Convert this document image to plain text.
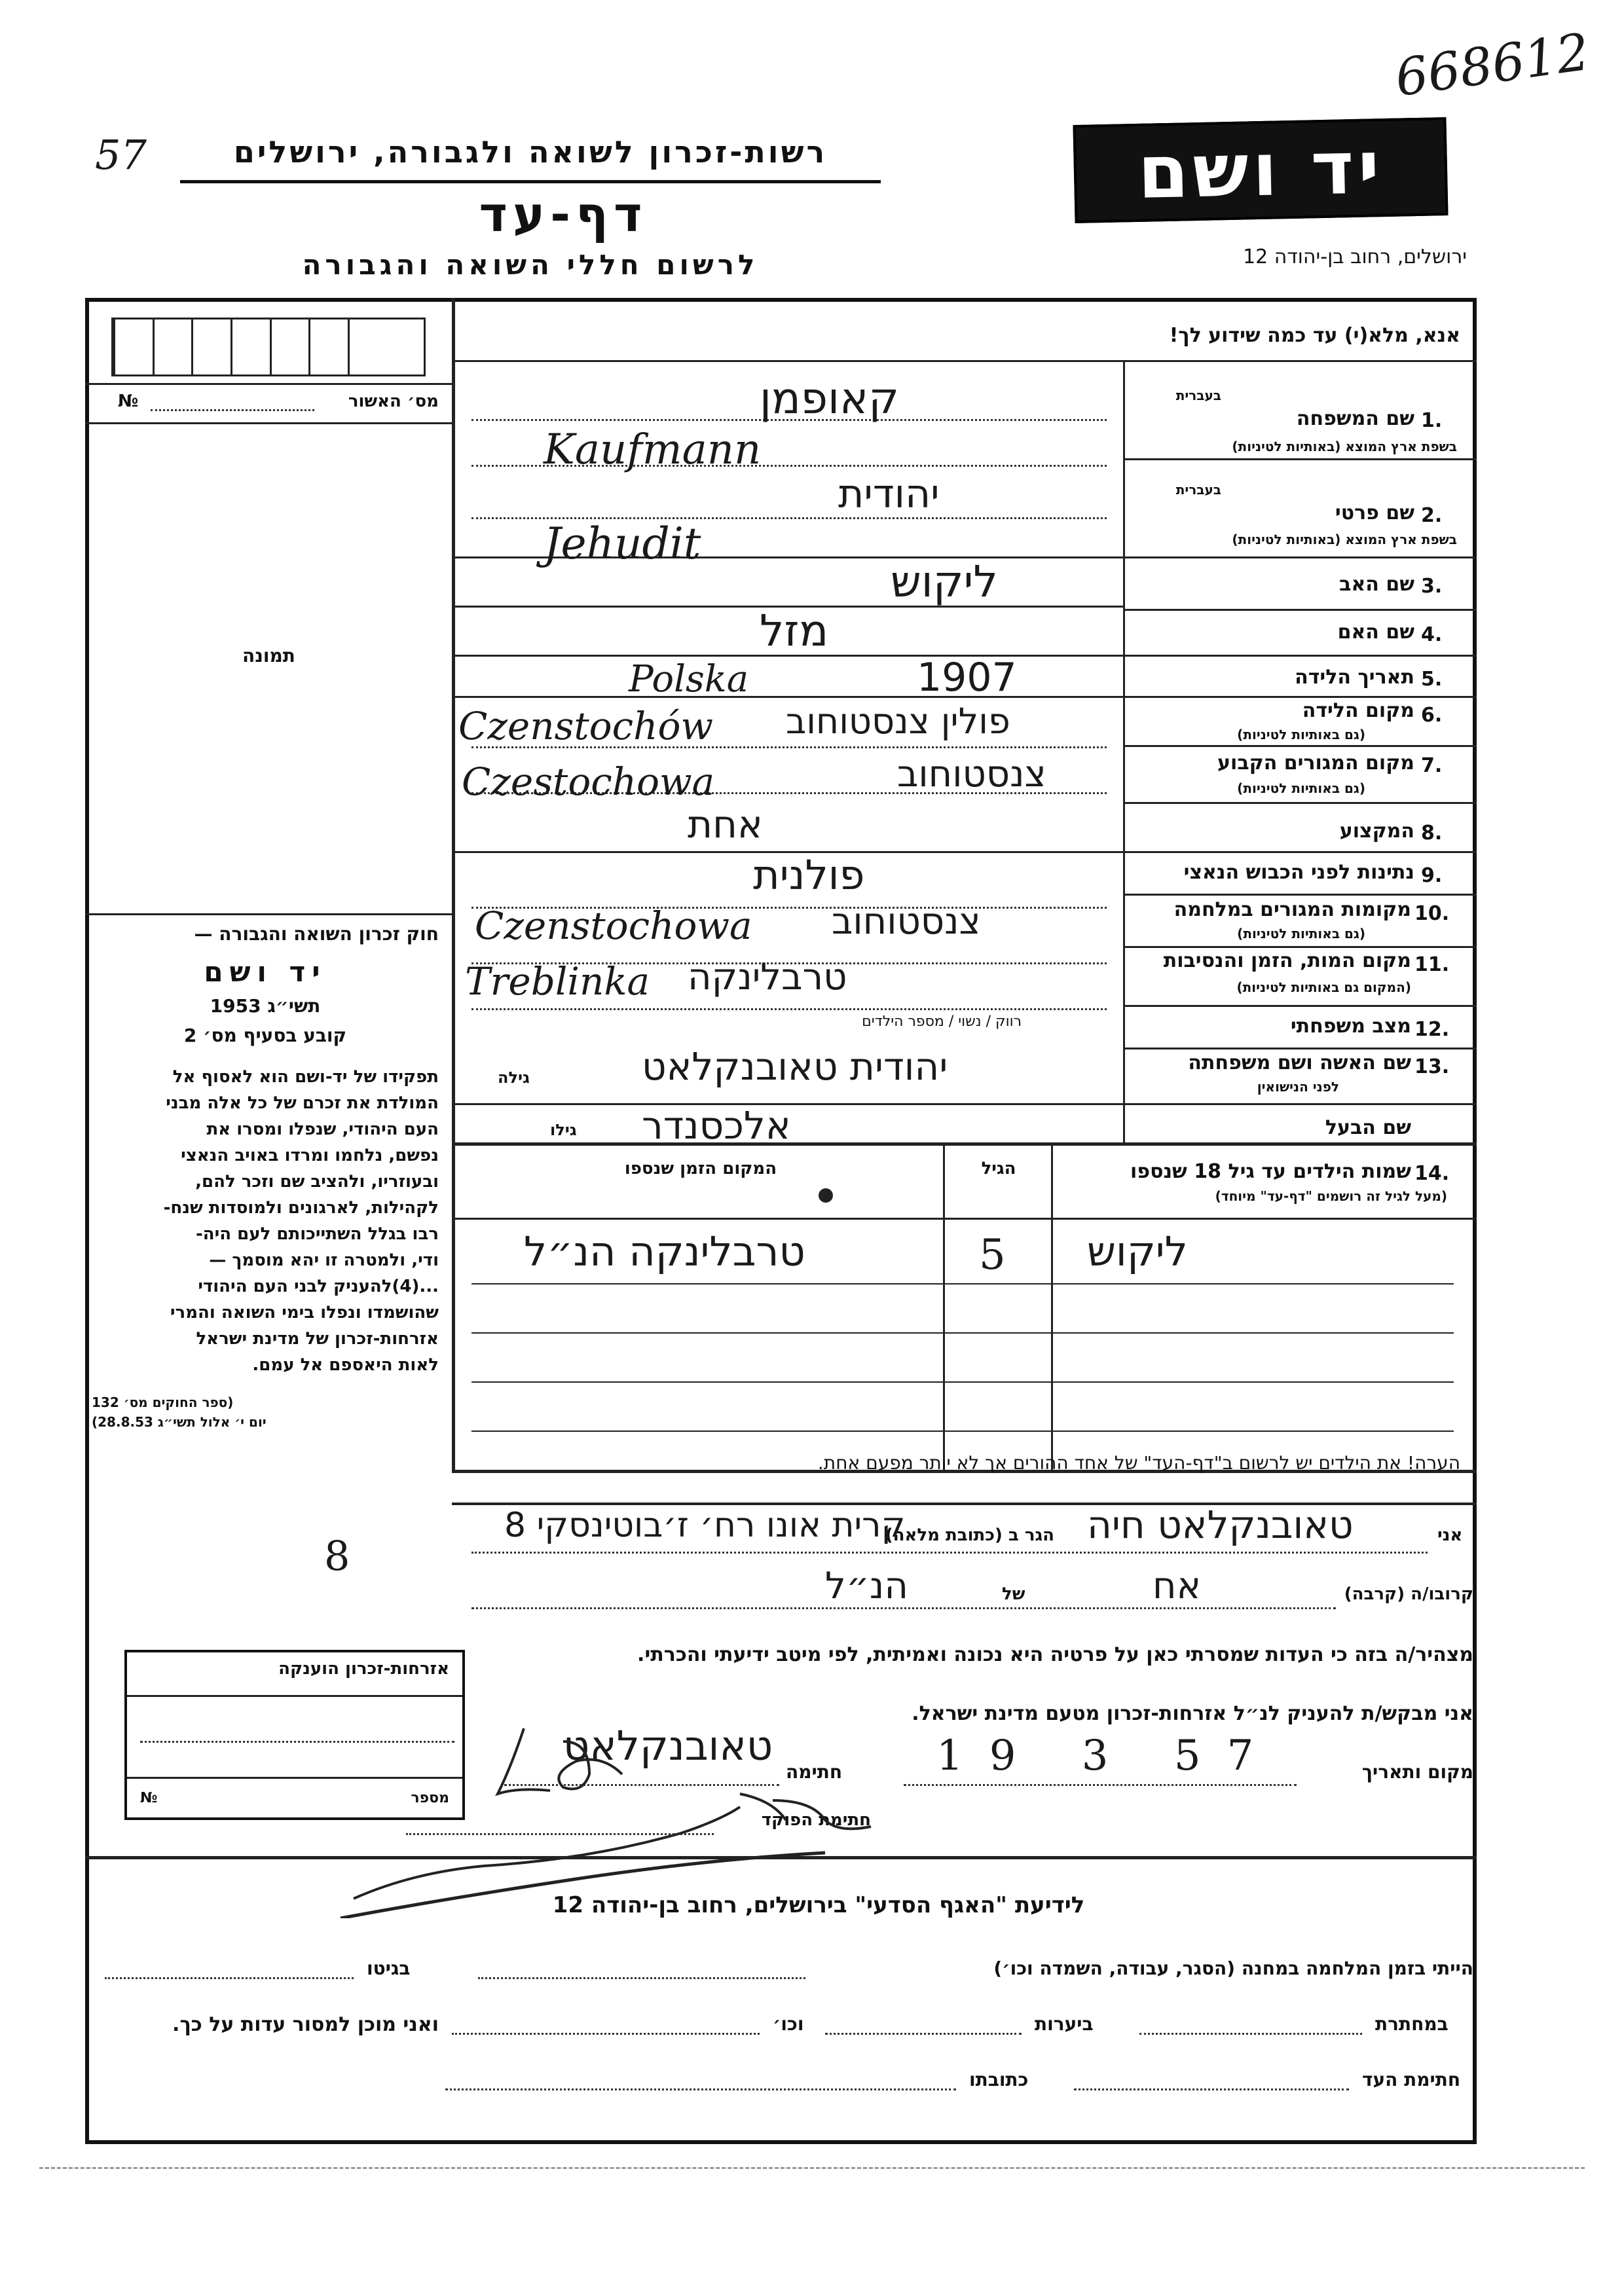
668612
57	רשות-זכרון לשואה ולגבורה, ירושלים
דף-עד
לרשום חללי השואה והגבורה
יד ושם
ירושלים, רחוב בן-יהודה 12
אנא, מלא(י) עד כמה שידוע לך!
מס׳ האשור
№
תמונה
1.
שם המשפחה
בעברית
בשפת ארץ המוצא (באותיות לטיניות)
קאופמן
Kaufmann
2.
שם פרטי
בעברית
בשפת ארץ המוצא (באותיות לטיניות)
יהודית
Jehudit
3.
שם האב
ליקוש
4.
שם האם
מזל
5.
תאריך הלידה
1907
Polska
6.
מקום הלידה
(גם באותיות לטיניות)
פולין צנסטוחוב
Czenstochów
7.
מקום המגורים הקבוע
(גם באותיות לטיניות)
צנסטוחוב
Czestochowa
8.
המקצוע
אחת
9.
נתינות לפני הכבוש הנאצי
פולנית
10.
מקומות המגורים במלחמה
(גם באותיות לטיניות)
צנסטוחוב
Czenstochowa
11.
מקום המות, הזמן והנסיבות
(המקום גם באותיות לטיניות)
טרבלינקה
Treblinka
12.
מצב משפחתי
רווק / נשוי / מספר הילדים
13.
שם האשה ושם משפחתה
לפני הנישואין
יהודית טאובנקלאט
גילה
שם הבעל
אלכסנדר
גילו
14.
שמות הילדים עד גיל 18 שנספו
(מעל לגיל זה רושמים "דף-עד" מיוחד)
הגיל
המקום הזמן שנספו
ליקוש
5
טרבלינקה הנ״ל
הערה! את הילדים יש לרשום ב"דף-העד" של אחד ההורים אך לא יותר מפעם אחת.
חוק זכרון השואה והגבורה —
יד ושם
תשי״ג 1953
קובע בסעיף מס׳ 2
תפקידו של יד-ושם הוא לאסוף אל
המולדת את זכרם של כל אלה מבני
העם היהודי, שנפלו ומסרו את
נפשם, נלחמו ומרדו באויב הנאצי
ובעוזריו, ולהציב שם וזכר להם,
לקהילות, לארגונים ולמוסדות שנח-
רבו בגלל השתייכותם לעם היה-
ודי, ולמטרה זו יהא מוסמך —
...(4)להעניק לבני העם היהודי
שהושמדו ונפלו בימי השואה והמרי
אזרחות-זכרון של מדינת ישראל
לאות היאספם אל עמם.
(ספר החוקים מס׳ 132
יום י׳ אלול תשי״ג 28.8.53)
אני
טאובנקלאט חיה
הגר ב (כתובת מלאה)
קרית אונו רח׳ ז׳בוטינסקי 8
8
קרובו/ה (קרבה)
אח
של
הנ״ל
מצהיר/ה בזה כי העדות שמסרתי כאן על פרטיה היא נכונה ואמיתית, לפי מיטב ידיעתי והכרתי.
אני מבקש/ת להעניק לנ״ל אזרחות-זכרון מטעם מדינת ישראל.
מקום ותאריך
19 3 57
חתימה
טאובנקלאט
חתימת הפוקד
אזרחות-זכרון הוענקה
מספר
№
לידיעת "האגף הסדעי" בירושלים, רחוב בן-יהודה 12
הייתי בזמן המלחמה במחנה (הסגר, עבודה, השמדה וכו׳)
בגיטו
במחתרת
ביערות
וכו׳
ואני מוכן למסור עדות על כך.
חתימת העד
כתובתו
